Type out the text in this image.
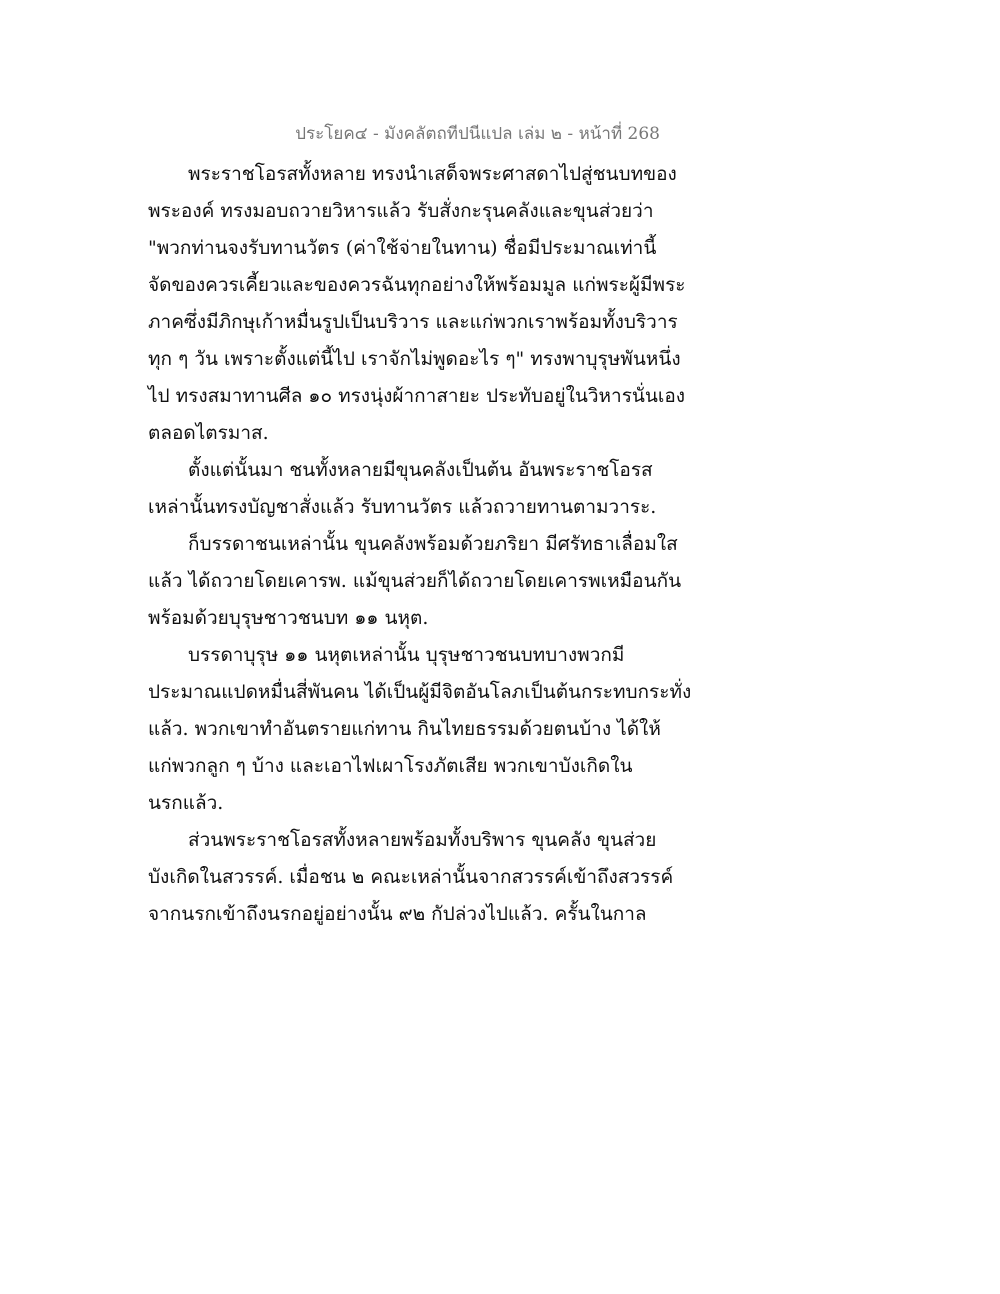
ประโยค๔ - มังคลัตถทีปนีแปล เล่ม ๒ - หน้าที่ 268

พระราชโอรสทั้งหลาย ทรงนำเสด็จพระศาสดาไปสู่ชนบทของ
พระองค์ ทรงมอบถวายวิหารแล้ว รับสั่งกะรุนคลังและขุนส่วยว่า
"พวกท่านจงรับทานวัตร (ค่าใช้จ่ายในทาน) ชื่อมีประมาณเท่านี้
จัดของควรเคี้ยวและของควรฉันทุกอย่างให้พร้อมมูล แก่พระผู้มีพระ
ภาคซึ่งมีภิกษุเก้าหมื่นรูปเป็นบริวาร และแก่พวกเราพร้อมทั้งบริวาร
ทุก ๆ วัน เพราะตั้งแต่นี้ไป เราจักไม่พูดอะไร ๆ" ทรงพาบุรุษพันหนึ่ง
ไป ทรงสมาทานศีล ๑๐ ทรงนุ่งผ้ากาสายะ ประทับอยู่ในวิหารนั่นเอง
ตลอดไตรมาส.

ตั้งแต่นั้นมา ชนทั้งหลายมีขุนคลังเป็นต้น อันพระราชโอรส
เหล่านั้นทรงบัญชาสั่งแล้ว รับทานวัตร แล้วถวายทานตามวาระ.

ก็บรรดาชนเหล่านั้น ขุนคลังพร้อมด้วยภริยา มีศรัทธาเลื่อมใส
แล้ว ได้ถวายโดยเคารพ. แม้ขุนส่วยก็ได้ถวายโดยเคารพเหมือนกัน
พร้อมด้วยบุรุษชาวชนบท ๑๑ นหุต.

บรรดาบุรุษ ๑๑ นหุตเหล่านั้น บุรุษชาวชนบทบางพวกมี
ประมาณแปดหมื่นสี่พันคน ได้เป็นผู้มีจิตอันโลภเป็นต้นกระทบกระทั่ง
แล้ว. พวกเขาทำอันตรายแก่ทาน กินไทยธรรมด้วยตนบ้าง ได้ให้
แก่พวกลูก ๆ บ้าง และเอาไฟเผาโรงภัตเสีย พวกเขาบังเกิดใน
นรกแล้ว.

ส่วนพระราชโอรสทั้งหลายพร้อมทั้งบริพาร ขุนคลัง ขุนส่วย
บังเกิดในสวรรค์. เมื่อชน ๒ คณะเหล่านั้นจากสวรรค์เข้าถึงสวรรค์
จากนรกเข้าถึงนรกอยู่อย่างนั้น ๙๒ กัปล่วงไปแล้ว. ครั้นในกาล
